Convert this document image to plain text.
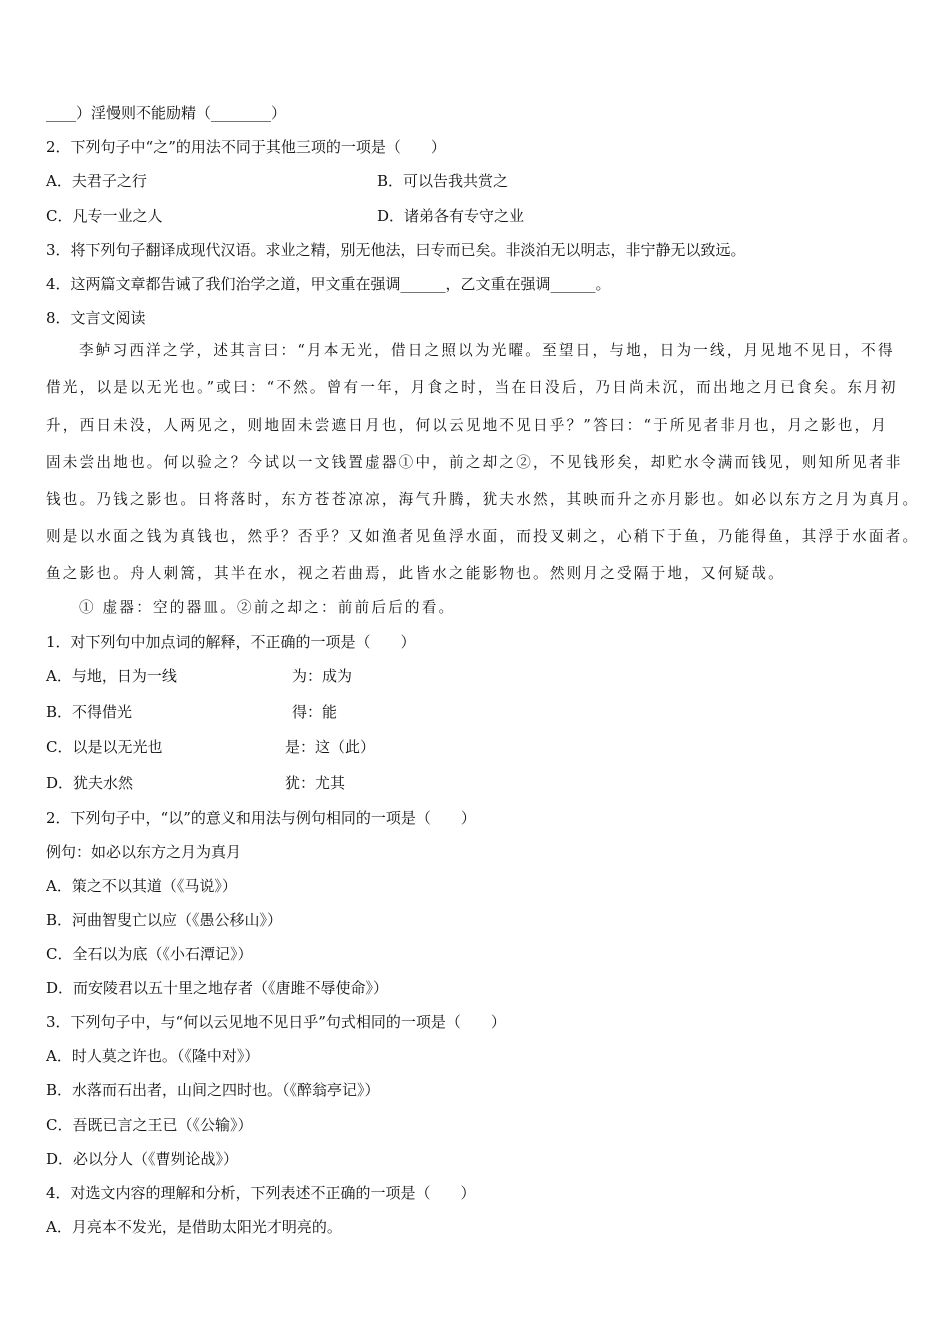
____）淫慢则不能励精（________）
2．下列句子中“之”的用法不同于其他三项的一项是（　　）
A．夫君子之行	B．可以告我共赏之
C．凡专一业之人	D．诸弟各有专守之业
3．将下列句子翻译成现代汉语。求业之精，别无他法，曰专而已矣。非淡泊无以明志，非宁静无以致远。
4．这两篇文章都告诫了我们治学之道，甲文重在强调______，乙文重在强调______。
8．文言文阅读
李鲈习西洋之学，述其言曰：“月本无光，借日之照以为光曜。至望日，与地，日为一线，月见地不见日，不得
借光，以是以无光也。”或曰：“不然。曾有一年，月食之时，当在日没后，乃日尚未沉，而出地之月已食矣。东月初
升，西日未没，人两见之，则地固未尝遮日月也，何以云见地不见日乎？”答曰：“于所见者非月也，月之影也，月
固未尝出地也。何以验之？今试以一文钱置虚器①中，前之却之②，不见钱形矣，却贮水令满而钱见，则知所见者非
钱也。乃钱之影也。日将落时，东方苍苍凉凉，海气升腾，犹夫水然，其映而升之亦月影也。如必以东方之月为真月。
则是以水面之钱为真钱也，然乎？否乎？又如渔者见鱼浮水面，而投叉刺之，心稍下于鱼，乃能得鱼，其浮于水面者。
鱼之影也。舟人刺篙，其半在水，视之若曲焉，此皆水之能影物也。然则月之受隔于地，又何疑哉。
① 虚器：空的器皿。②前之却之：前前后后的看。
1．对下列句中加点词的解释，不正确的一项是（　　）
A．与地，日为一线	为：成为
B．不得借光	得：能
C．以是以无光也	是：这（此）
D．犹夫水然	犹：尤其
2．下列句子中，“以”的意义和用法与例句相同的一项是（　　）
例句：如必以东方之月为真月
A．策之不以其道（《马说》）
B．河曲智叟亡以应（《愚公移山》）
C．全石以为底（《小石潭记》）
D．而安陵君以五十里之地存者（《唐雎不辱使命》）
3．下列句子中，与“何以云见地不见日乎”句式相同的一项是（　　）
A．时人莫之许也。（《隆中对》）
B．水落而石出者，山间之四时也。（《醉翁亭记》）
C．吾既已言之王已（《公输》）
D．必以分人（《曹刿论战》）
4．对选文内容的理解和分析，下列表述不正确的一项是（　　）
A．月亮本不发光，是借助太阳光才明亮的。
